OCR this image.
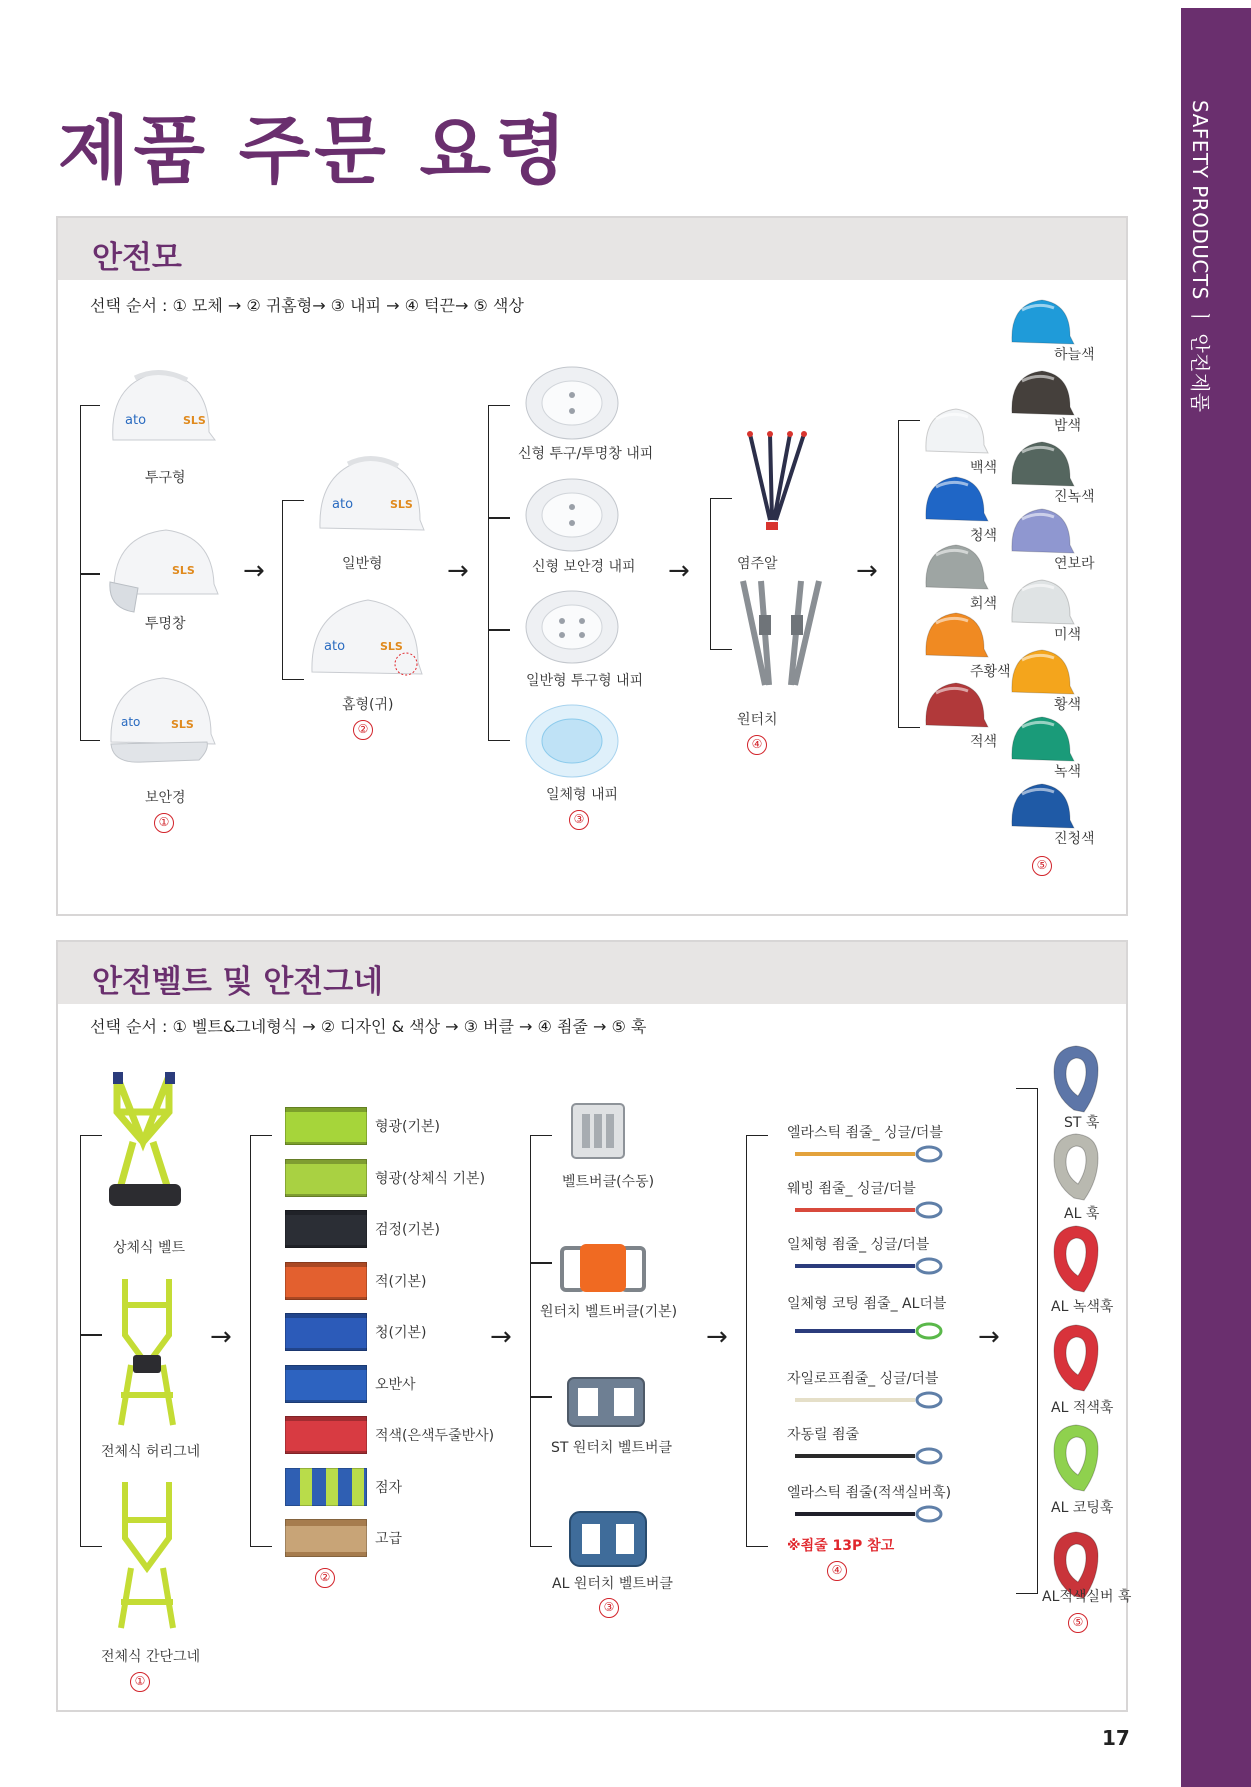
SAFETY PRODUCTS ㅣ 안전제품
제품 주문 요령
안전모
선택 순서 : ① 모체 → ② 귀홈형→ ③ 내피 → ④ 턱끈→ ⑤ 색상
→	→	→	→
ato	SLS
SLS
ato	SLS
투구형
투명창
보안경
①
ato	SLS
ato	SLS
일반형
홈형(귀)
②
신형 투구/투명창 내피
신형 보안경 내피
일반형 투구형 내피
일체형 내피
③
염주알
원터치
④
백색
청색
회색
주황색
적색
하늘색
밤색
진녹색
연보라
미색
황색
녹색
진청색
⑤
안전벨트 및 안전그네
선택 순서 : ① 벨트&그네형식 → ② 디자인 & 색상 → ③ 버클 → ④ 죔줄 → ⑤ 훅
→	→	→	→
상체식 벨트
전체식 허리그네
전체식 간단그네
①
형광(기본)
형광(상체식 기본)
검정(기본)
적(기본)
청(기본)
오반사
적색(은색두줄반사)
점자
고급
②
벨트버클(수동)
원터치 벨트버클(기본)
ST 원터치 벨트버클
AL 원터치 벨트버클
③
엘라스틱 죔줄_ 싱글/더블
웨빙 죔줄_ 싱글/더블
일체형 죔줄_ 싱글/더블
일체형 코팅 죔줄_ AL더블
자일로프죔줄_ 싱글/더블
자동릴 죔줄
엘라스틱 죔줄(적색실버훅)
※죔줄 13P 참고
④
ST 훅
AL 훅
AL 녹색훅
AL 적색훅
AL 코팅훅
AL적색실버 훅
⑤
17
